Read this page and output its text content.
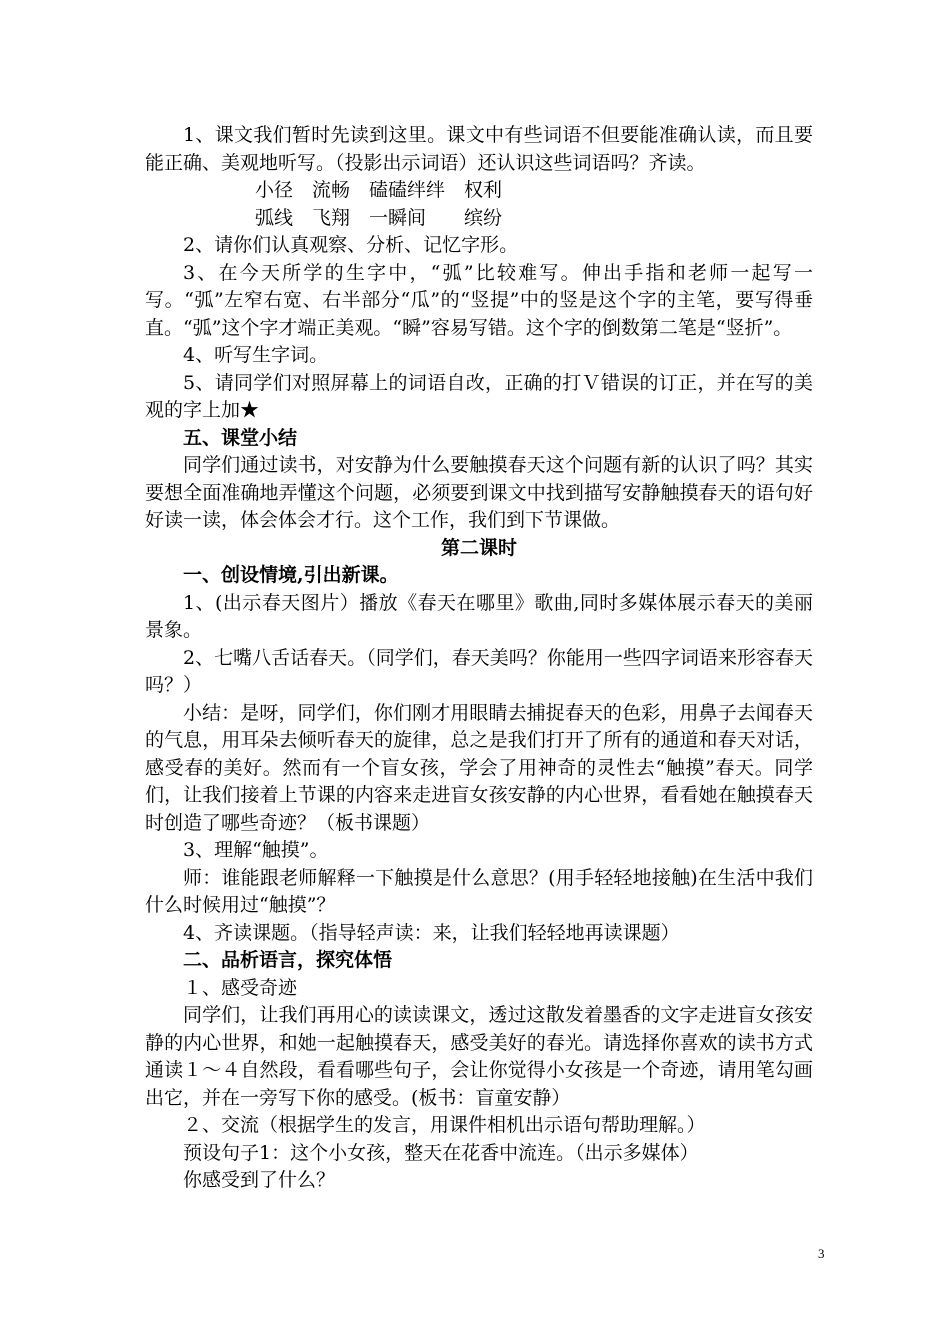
1、课文我们暂时先读到这里。课文中有些词语不但要能准确认读，而且要能正确、美观地听写。（投影出示词语）还认识这些词语吗？齐读。

小径　流畅　磕磕绊绊　权利

弧线　飞翔　一瞬间　　缤纷

2、请你们认真观察、分析、记忆字形。

3、在今天所学的生字中，“弧”比较难写。伸出手指和老师一起写一写。“弧”左窄右宽、右半部分“瓜”的“竖提”中的竖是这个字的主笔，要写得垂直。“弧”这个字才端正美观。“瞬”容易写错。这个字的倒数第二笔是“竖折”。

4、听写生字词。

5、请同学们对照屏幕上的词语自改，正确的打Ｖ错误的订正，并在写的美观的字上加★

五、课堂小结

同学们通过读书，对安静为什么要触摸春天这个问题有新的认识了吗？其实要想全面准确地弄懂这个问题，必须要到课文中找到描写安静触摸春天的语句好好读一读，体会体会才行。这个工作，我们到下节课做。

第二课时

一、创设情境,引出新课。

1、(出示春天图片）播放《春天在哪里》歌曲,同时多媒体展示春天的美丽景象。

2、七嘴八舌话春天。（同学们，春天美吗？你能用一些四字词语来形容春天吗？）

小结：是呀，同学们，你们刚才用眼睛去捕捉春天的色彩，用鼻子去闻春天的气息，用耳朵去倾听春天的旋律，总之是我们打开了所有的通道和春天对话，感受春的美好。然而有一个盲女孩，学会了用神奇的灵性去“触摸”春天。同学们，让我们接着上节课的内容来走进盲女孩安静的内心世界，看看她在触摸春天时创造了哪些奇迹？（板书课题）

3、理解“触摸”。

师：谁能跟老师解释一下触摸是什么意思？(用手轻轻地接触)在生活中我们什么时候用过“触摸”？

4、齐读课题。（指导轻声读：来，让我们轻轻地再读课题）

二、品析语言，探究体悟

１、感受奇迹

同学们，让我们再用心的读读课文，透过这散发着墨香的文字走进盲女孩安静的内心世界，和她一起触摸春天，感受美好的春光。请选择你喜欢的读书方式通读１～４自然段，看看哪些句子，会让你觉得小女孩是一个奇迹，请用笔勾画出它，并在一旁写下你的感受。(板书：盲童安静）

２、交流（根据学生的发言，用课件相机出示语句帮助理解。）

预设句子1：这个小女孩，整天在花香中流连。（出示多媒体）

你感受到了什么？

3
